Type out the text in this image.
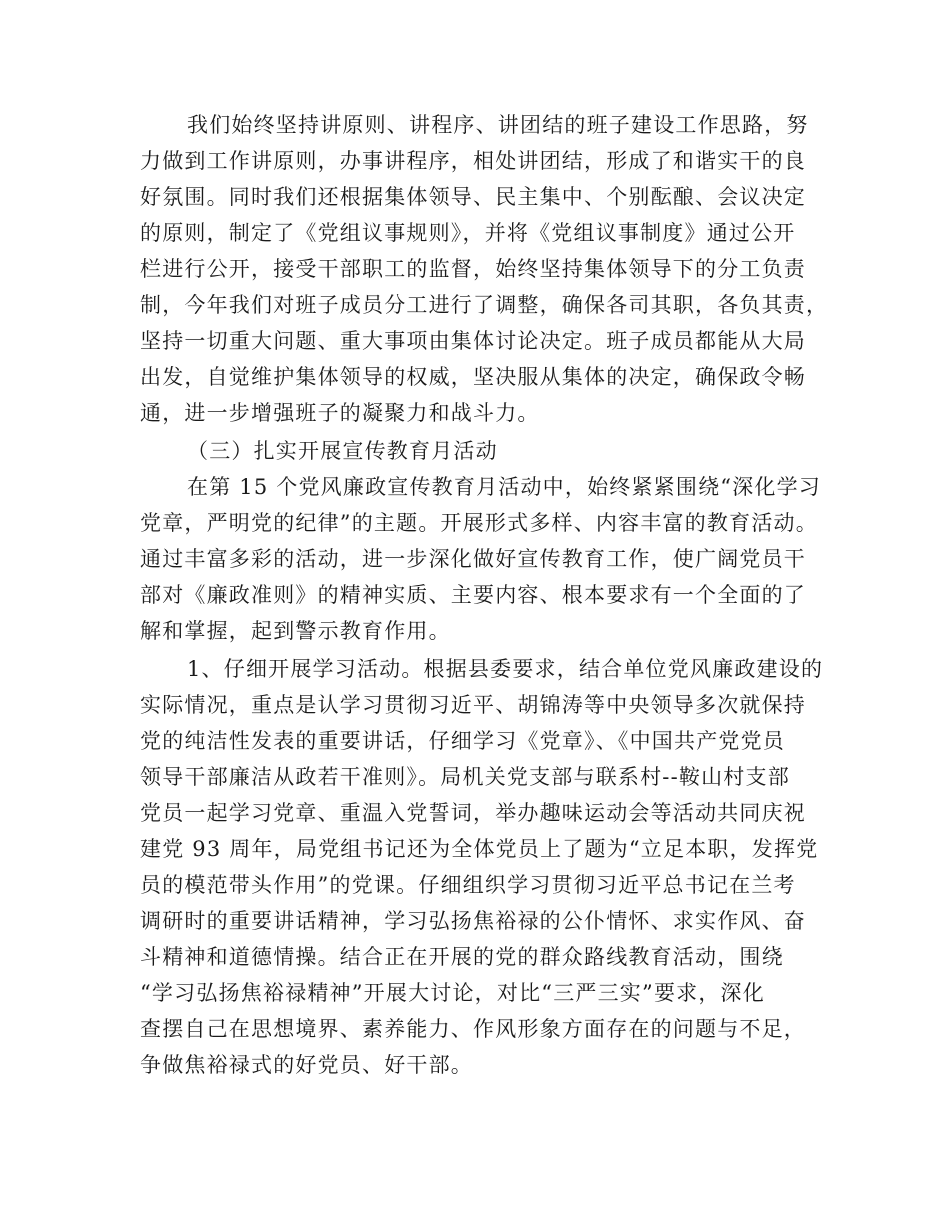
我们始终坚持讲原则、讲程序、讲团结的班子建设工作思路，努
力做到工作讲原则，办事讲程序，相处讲团结，形成了和谐实干的良
好氛围。同时我们还根据集体领导、民主集中、个别酝酿、会议决定
的原则，制定了《党组议事规则》，并将《党组议事制度》通过公开
栏进行公开，接受干部职工的监督，始终坚持集体领导下的分工负责
制，今年我们对班子成员分工进行了调整，确保各司其职，各负其责，
坚持一切重大问题、重大事项由集体讨论决定。班子成员都能从大局
出发，自觉维护集体领导的权威，坚决服从集体的决定，确保政令畅
通，进一步增强班子的凝聚力和战斗力。
（三）扎实开展宣传教育月活动
在第 15 个党风廉政宣传教育月活动中，始终紧紧围绕“深化学习
党章，严明党的纪律”的主题。开展形式多样、内容丰富的教育活动。
通过丰富多彩的活动，进一步深化做好宣传教育工作，使广阔党员干
部对《廉政准则》的精神实质、主要内容、根本要求有一个全面的了
解和掌握，起到警示教育作用。
1、仔细开展学习活动。根据县委要求，结合单位党风廉政建设的
实际情况，重点是认学习贯彻习近平、胡锦涛等中央领导多次就保持
党的纯洁性发表的重要讲话，仔细学习《党章》、《中国共产党党员
领导干部廉洁从政若干准则》。局机关党支部与联系村--鞍山村支部
党员一起学习党章、重温入党誓词，举办趣味运动会等活动共同庆祝
建党 93 周年，局党组书记还为全体党员上了题为“立足本职，发挥党
员的模范带头作用”的党课。仔细组织学习贯彻习近平总书记在兰考
调研时的重要讲话精神，学习弘扬焦裕禄的公仆情怀、求实作风、奋
斗精神和道德情操。结合正在开展的党的群众路线教育活动，围绕
“学习弘扬焦裕禄精神”开展大讨论，对比“三严三实”要求，深化
查摆自己在思想境界、素养能力、作风形象方面存在的问题与不足，
争做焦裕禄式的好党员、好干部。
